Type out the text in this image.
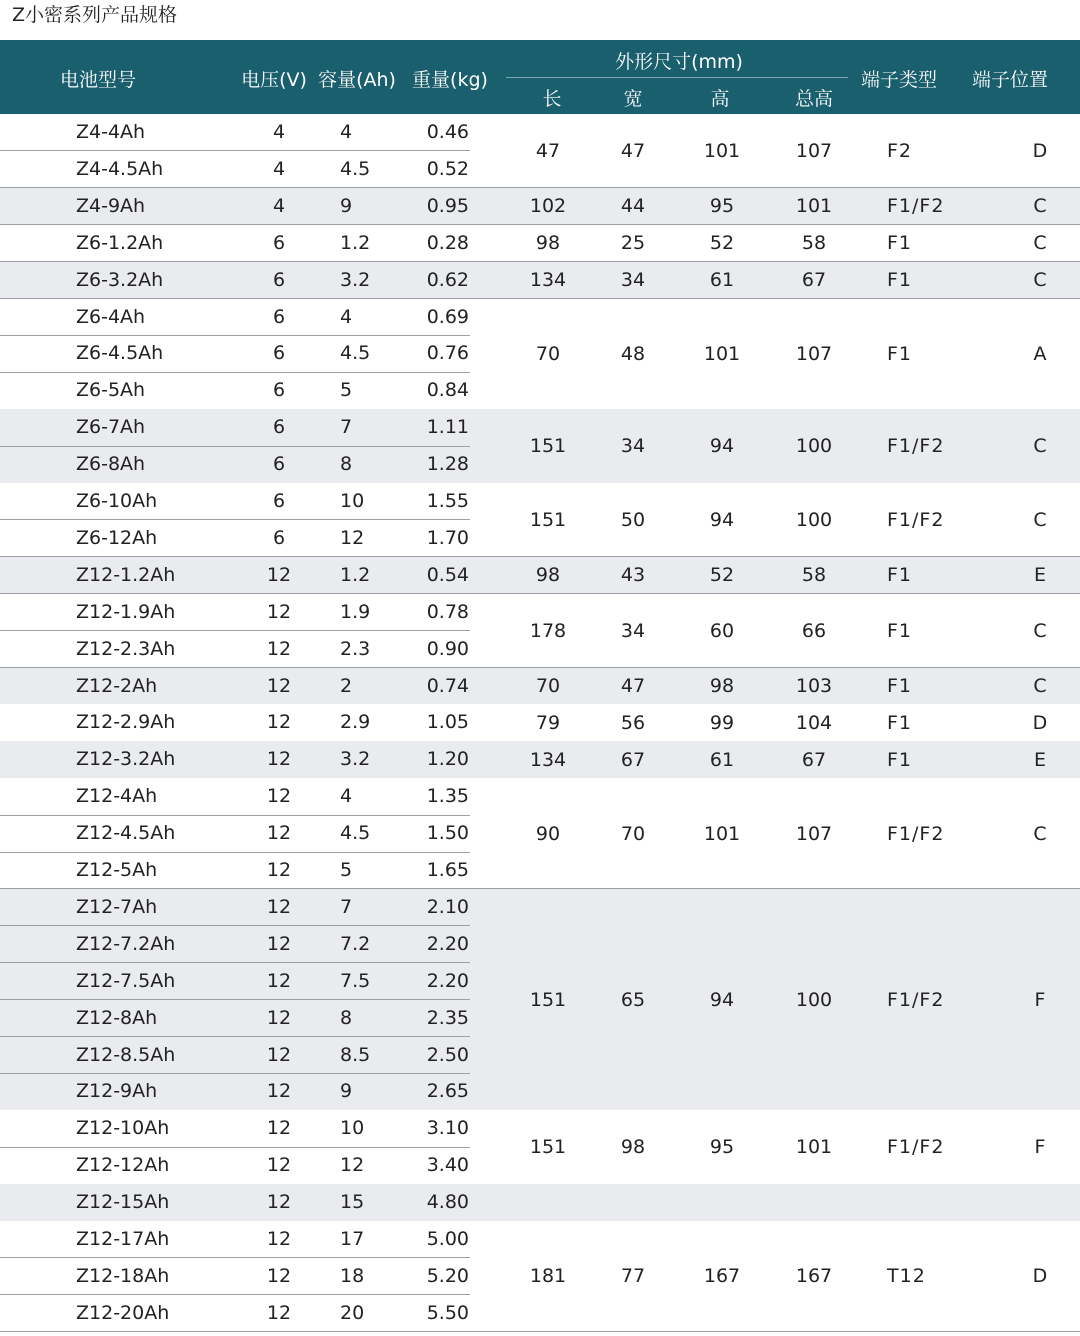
Z小密系列产品规格
电池型号	电压(V) 容量(Ah) 重量(kg)
外形尺寸(mm)
长	宽	高	总高
端子类型 端子位置
Z4-4Ah	4	4	0.46
Z4-4.5Ah	4	4.5	0.52
47	47	101	107	F2	D
Z4-9Ah	4	9	0.95	102	44	95	101	F1/F2	C
Z6-1.2Ah	6	1.2	0.28	98	25	52	58	F1	C
Z6-3.2Ah	6	3.2	0.62	134	34	61	67	F1	C
Z6-4Ah	6	4	0.69
Z6-4.5Ah	6	4.5	0.76
Z6-5Ah	6	5	0.84
70	48	101	107	F1	A
Z6-7Ah	6	7	1.11
Z6-8Ah	6	8	1.28
151	34	94	100	F1/F2	C
Z6-10Ah	6	10	1.55
Z6-12Ah	6	12	1.70
151	50	94	100	F1/F2	C
Z12-1.2Ah	12	1.2	0.54	98	43	52	58	F1	E
Z12-1.9Ah	12	1.9	0.78
Z12-2.3Ah	12	2.3	0.90
178	34	60	66	F1	C
Z12-2Ah	12	2	0.74	70	47	98	103	F1	C
Z12-2.9Ah	12	2.9	1.05	79	56	99	104	F1	D
Z12-3.2Ah	12	3.2	1.20	134	67	61	67	F1	E
Z12-4Ah	12	4	1.35
Z12-4.5Ah	12	4.5	1.50
Z12-5Ah	12	5	1.65
90	70	101	107	F1/F2	C
Z12-7Ah	12	7	2.10
Z12-7.2Ah	12	7.2	2.20
Z12-7.5Ah	12	7.5	2.20
Z12-8Ah	12	8	2.35
Z12-8.5Ah	12	8.5	2.50
Z12-9Ah	12	9	2.65
151	65	94	100	F1/F2	F
Z12-10Ah	12	10	3.10
Z12-12Ah	12	12	3.40
151	98	95	101	F1/F2	F
Z12-15Ah	12	15	4.80
Z12-17Ah	12	17	5.00
Z12-18Ah	12	18	5.20
Z12-20Ah	12	20	5.50
181	77	167	167	T12	D
